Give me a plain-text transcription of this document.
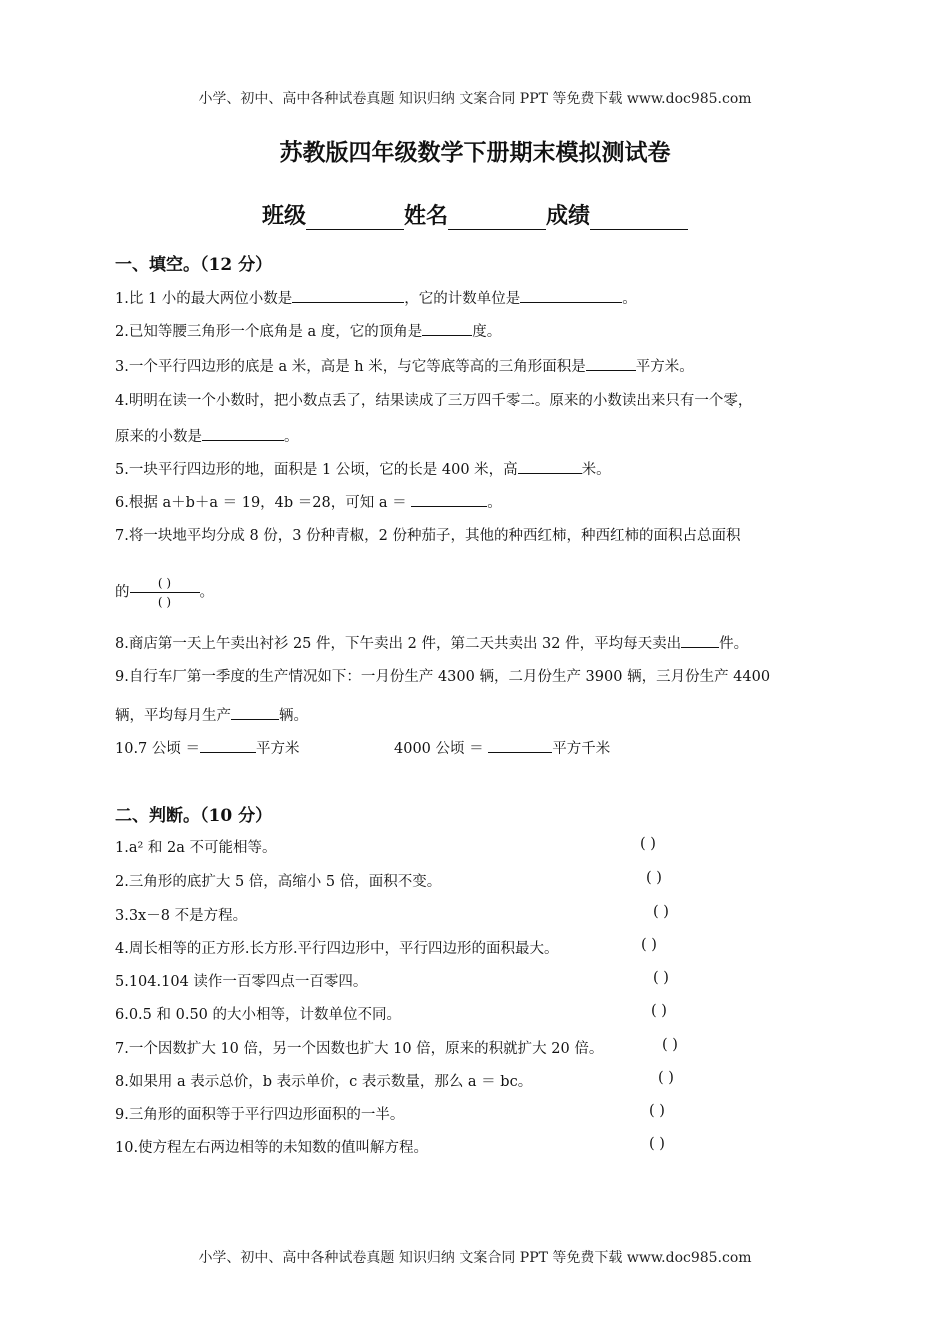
小学、初中、高中各种试卷真题 知识归纳 文案合同 PPT 等免费下载 www.doc985.com
苏教版四年级数学下册期末模拟测试卷
班级	姓名	成绩
一、填空。（12 分）
1.比 1 小的最大两位小数是	，它的计数单位是	。
2.已知等腰三角形一个底角是 a 度，它的顶角是	度。
3.一个平行四边形的底是 a 米，高是 h 米，与它等底等高的三角形面积是	平方米。
4.明明在读一个小数时，把小数点丢了，结果读成了三万四千零二。原来的小数读出来只有一个零，
原来的小数是	。
5.一块平行四边形的地，面积是 1 公顷，它的长是 400 米，高	米。
6.根据 a＋b＋a ＝ 19，4b ＝28，可知 a ＝	。
7.将一块地平均分成 8 份，3 份种青椒，2 份种茄子，其他的种西红柿，种西红柿的面积占总面积
的 $\frac{( )}{( )}$ 。
8.商店第一天上午卖出衬衫 25 件，下午卖出 2 件，第二天共卖出 32 件，平均每天卖出	件。
9.自行车厂第一季度的生产情况如下：一月份生产 4300 辆，二月份生产 3900 辆，三月份生产 4400
辆，平均每月生产	辆。
10.7 公顷 ＝	平方米	4000 公顷 ＝	平方千米
二、判断。（10 分）
1.a² 和 2a 不可能相等。	( )
2.三角形的底扩大 5 倍，高缩小 5 倍，面积不变。	( )
3.3x－8 不是方程。	( )
4.周长相等的正方形.长方形.平行四边形中，平行四边形的面积最大。	( )
5.104.104 读作一百零四点一百零四。	( )
6.0.5 和 0.50 的大小相等，计数单位不同。	( )
7.一个因数扩大 10 倍，另一个因数也扩大 10 倍，原来的积就扩大 20 倍。	( )
8.如果用 a 表示总价，b 表示单价，c 表示数量，那么 a ＝ bc。	( )
9.三角形的面积等于平行四边形面积的一半。	( )
10.使方程左右两边相等的未知数的值叫解方程。	( )
小学、初中、高中各种试卷真题 知识归纳 文案合同 PPT 等免费下载 www.doc985.com
